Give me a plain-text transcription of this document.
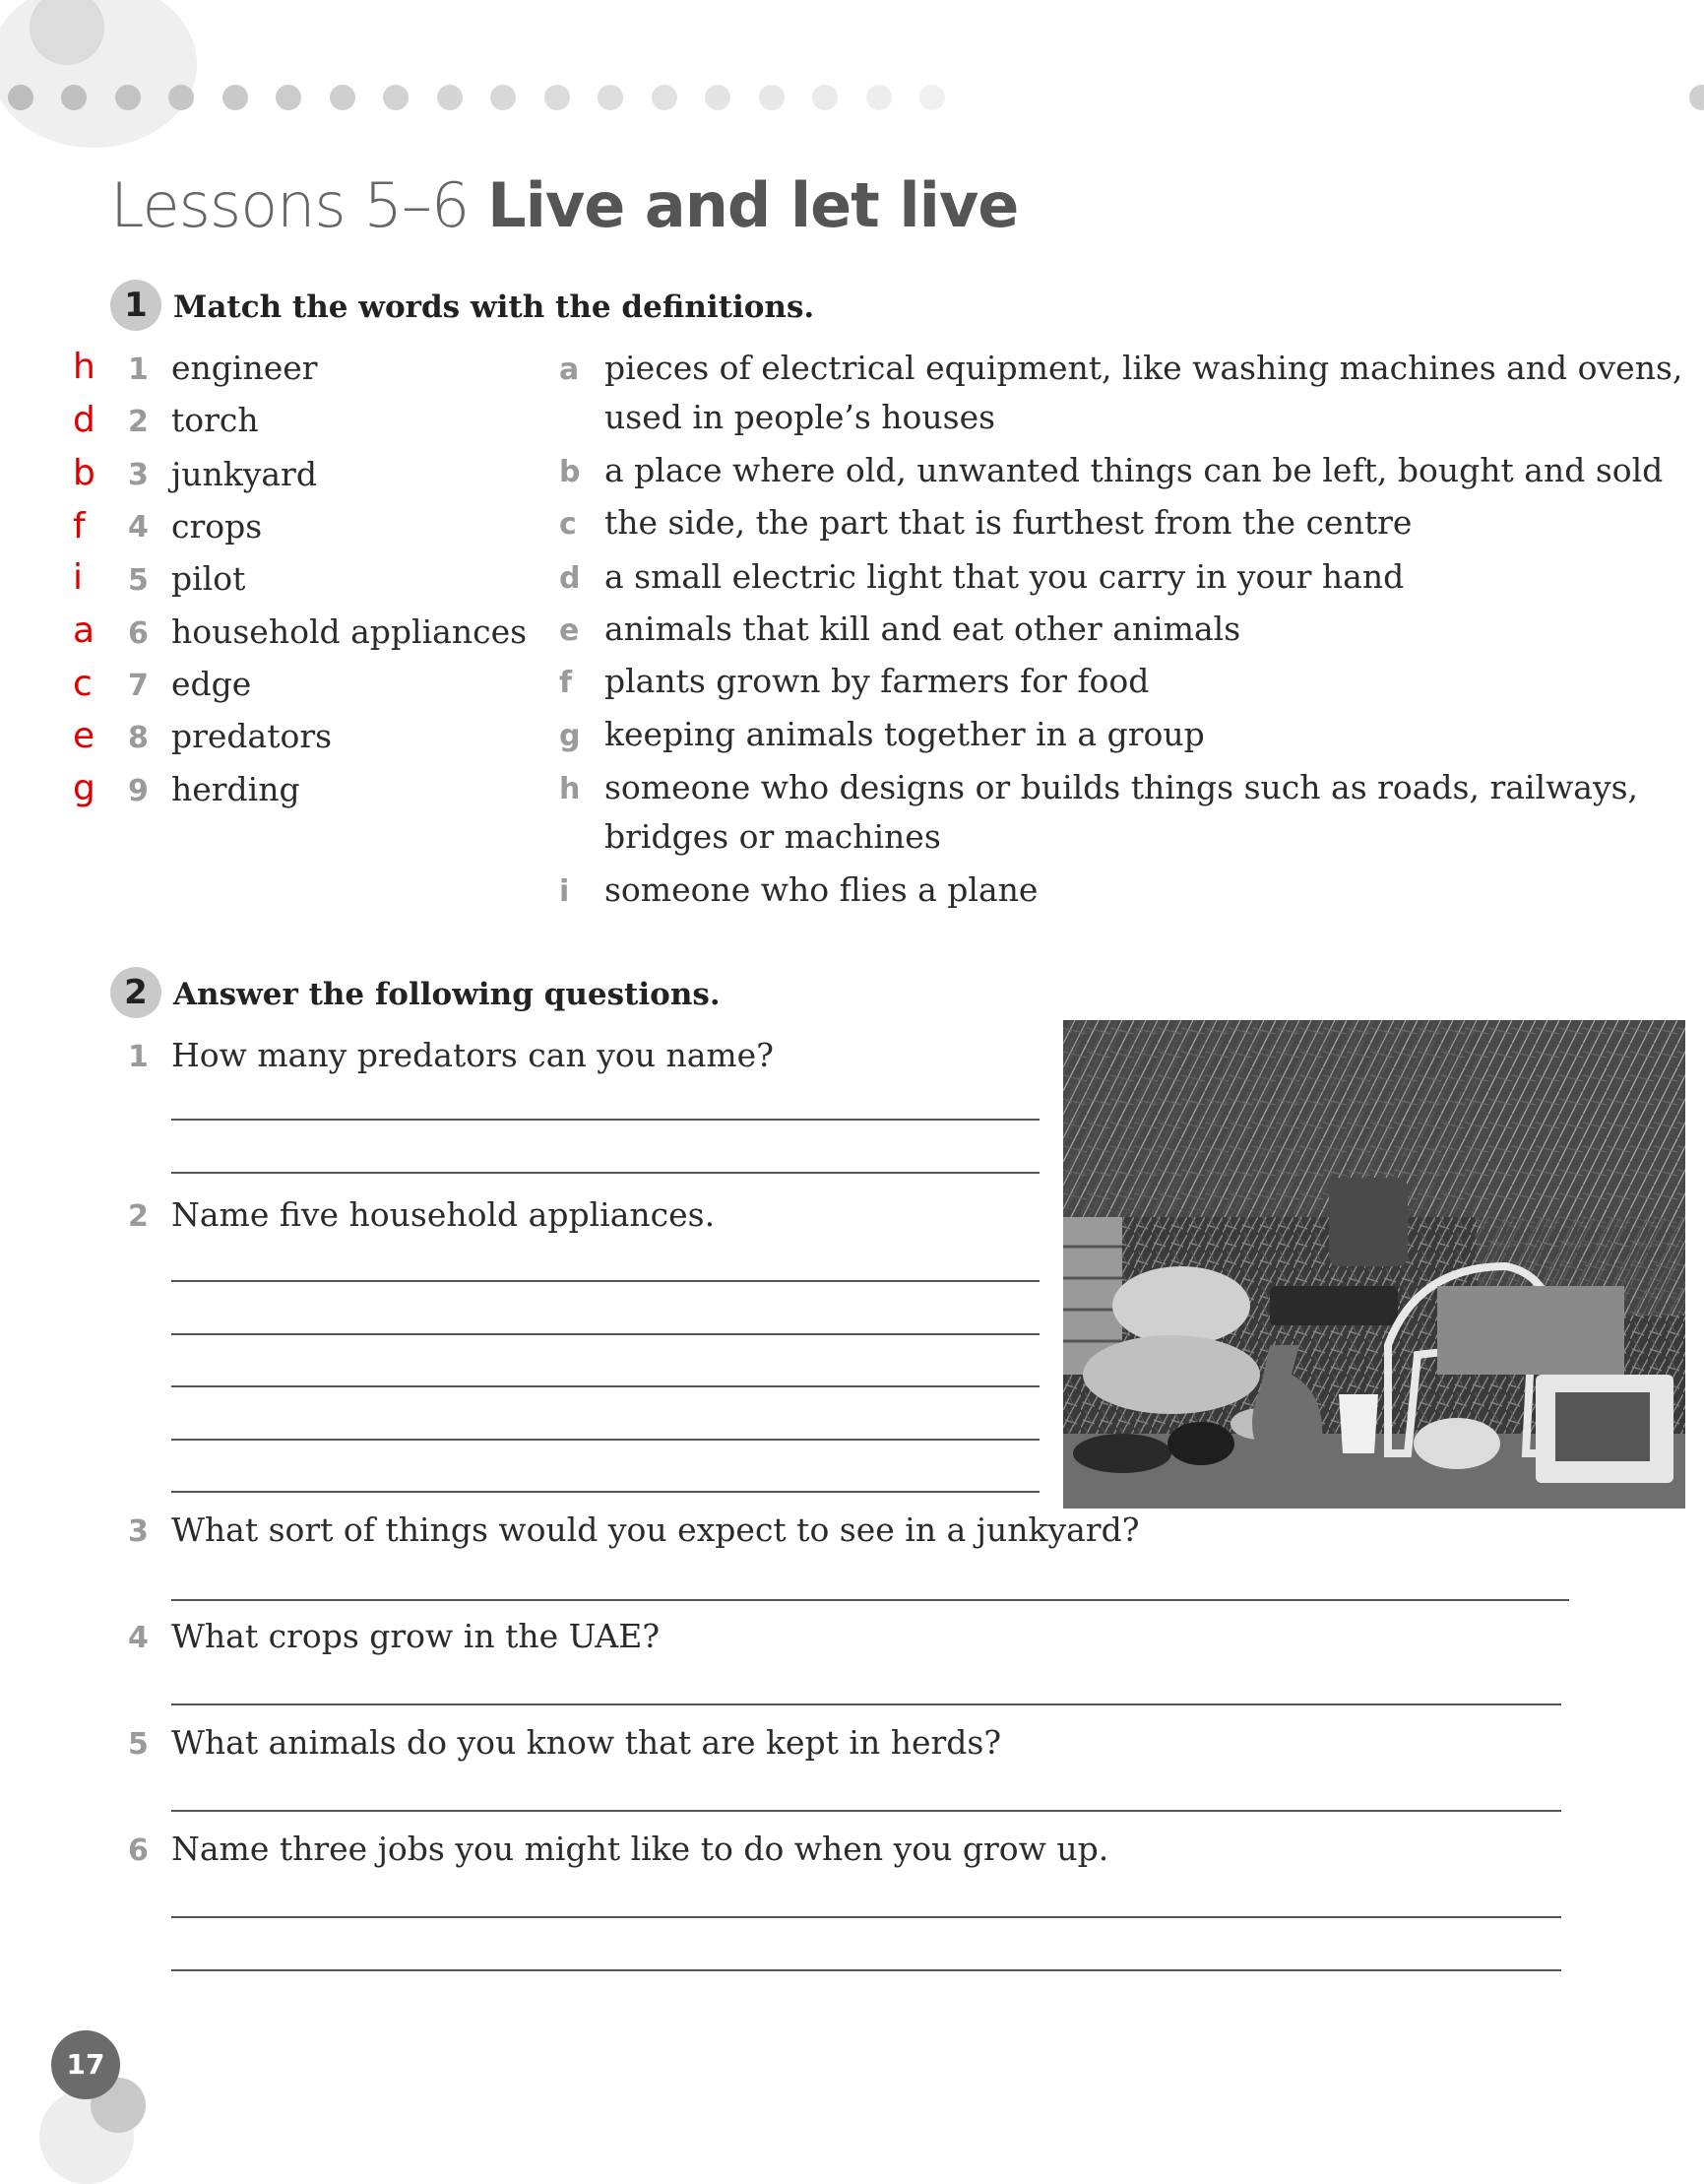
Lessons 5–6 Live and let live
1 Match the words with the definitions.
h 1 engineer
d 2 torch
b 3 junkyard
f 4 crops
i 5 pilot
a 6 household appliances
c 7 edge
e 8 predators
g 9 herding
a pieces of electrical equipment, like washing machines and ovens,
used in people’s houses
b a place where old, unwanted things can be left, bought and sold
c the side, the part that is furthest from the centre
d a small electric light that you carry in your hand
e animals that kill and eat other animals
f plants grown by farmers for food
g keeping animals together in a group
h someone who designs or builds things such as roads, railways,
bridges or machines
i someone who flies a plane
2 Answer the following questions.
1 How many predators can you name?
2 Name five household appliances.
3 What sort of things would you expect to see in a junkyard?
4 What crops grow in the UAE?
5 What animals do you know that are kept in herds?
6 Name three jobs you might like to do when you grow up.
17
